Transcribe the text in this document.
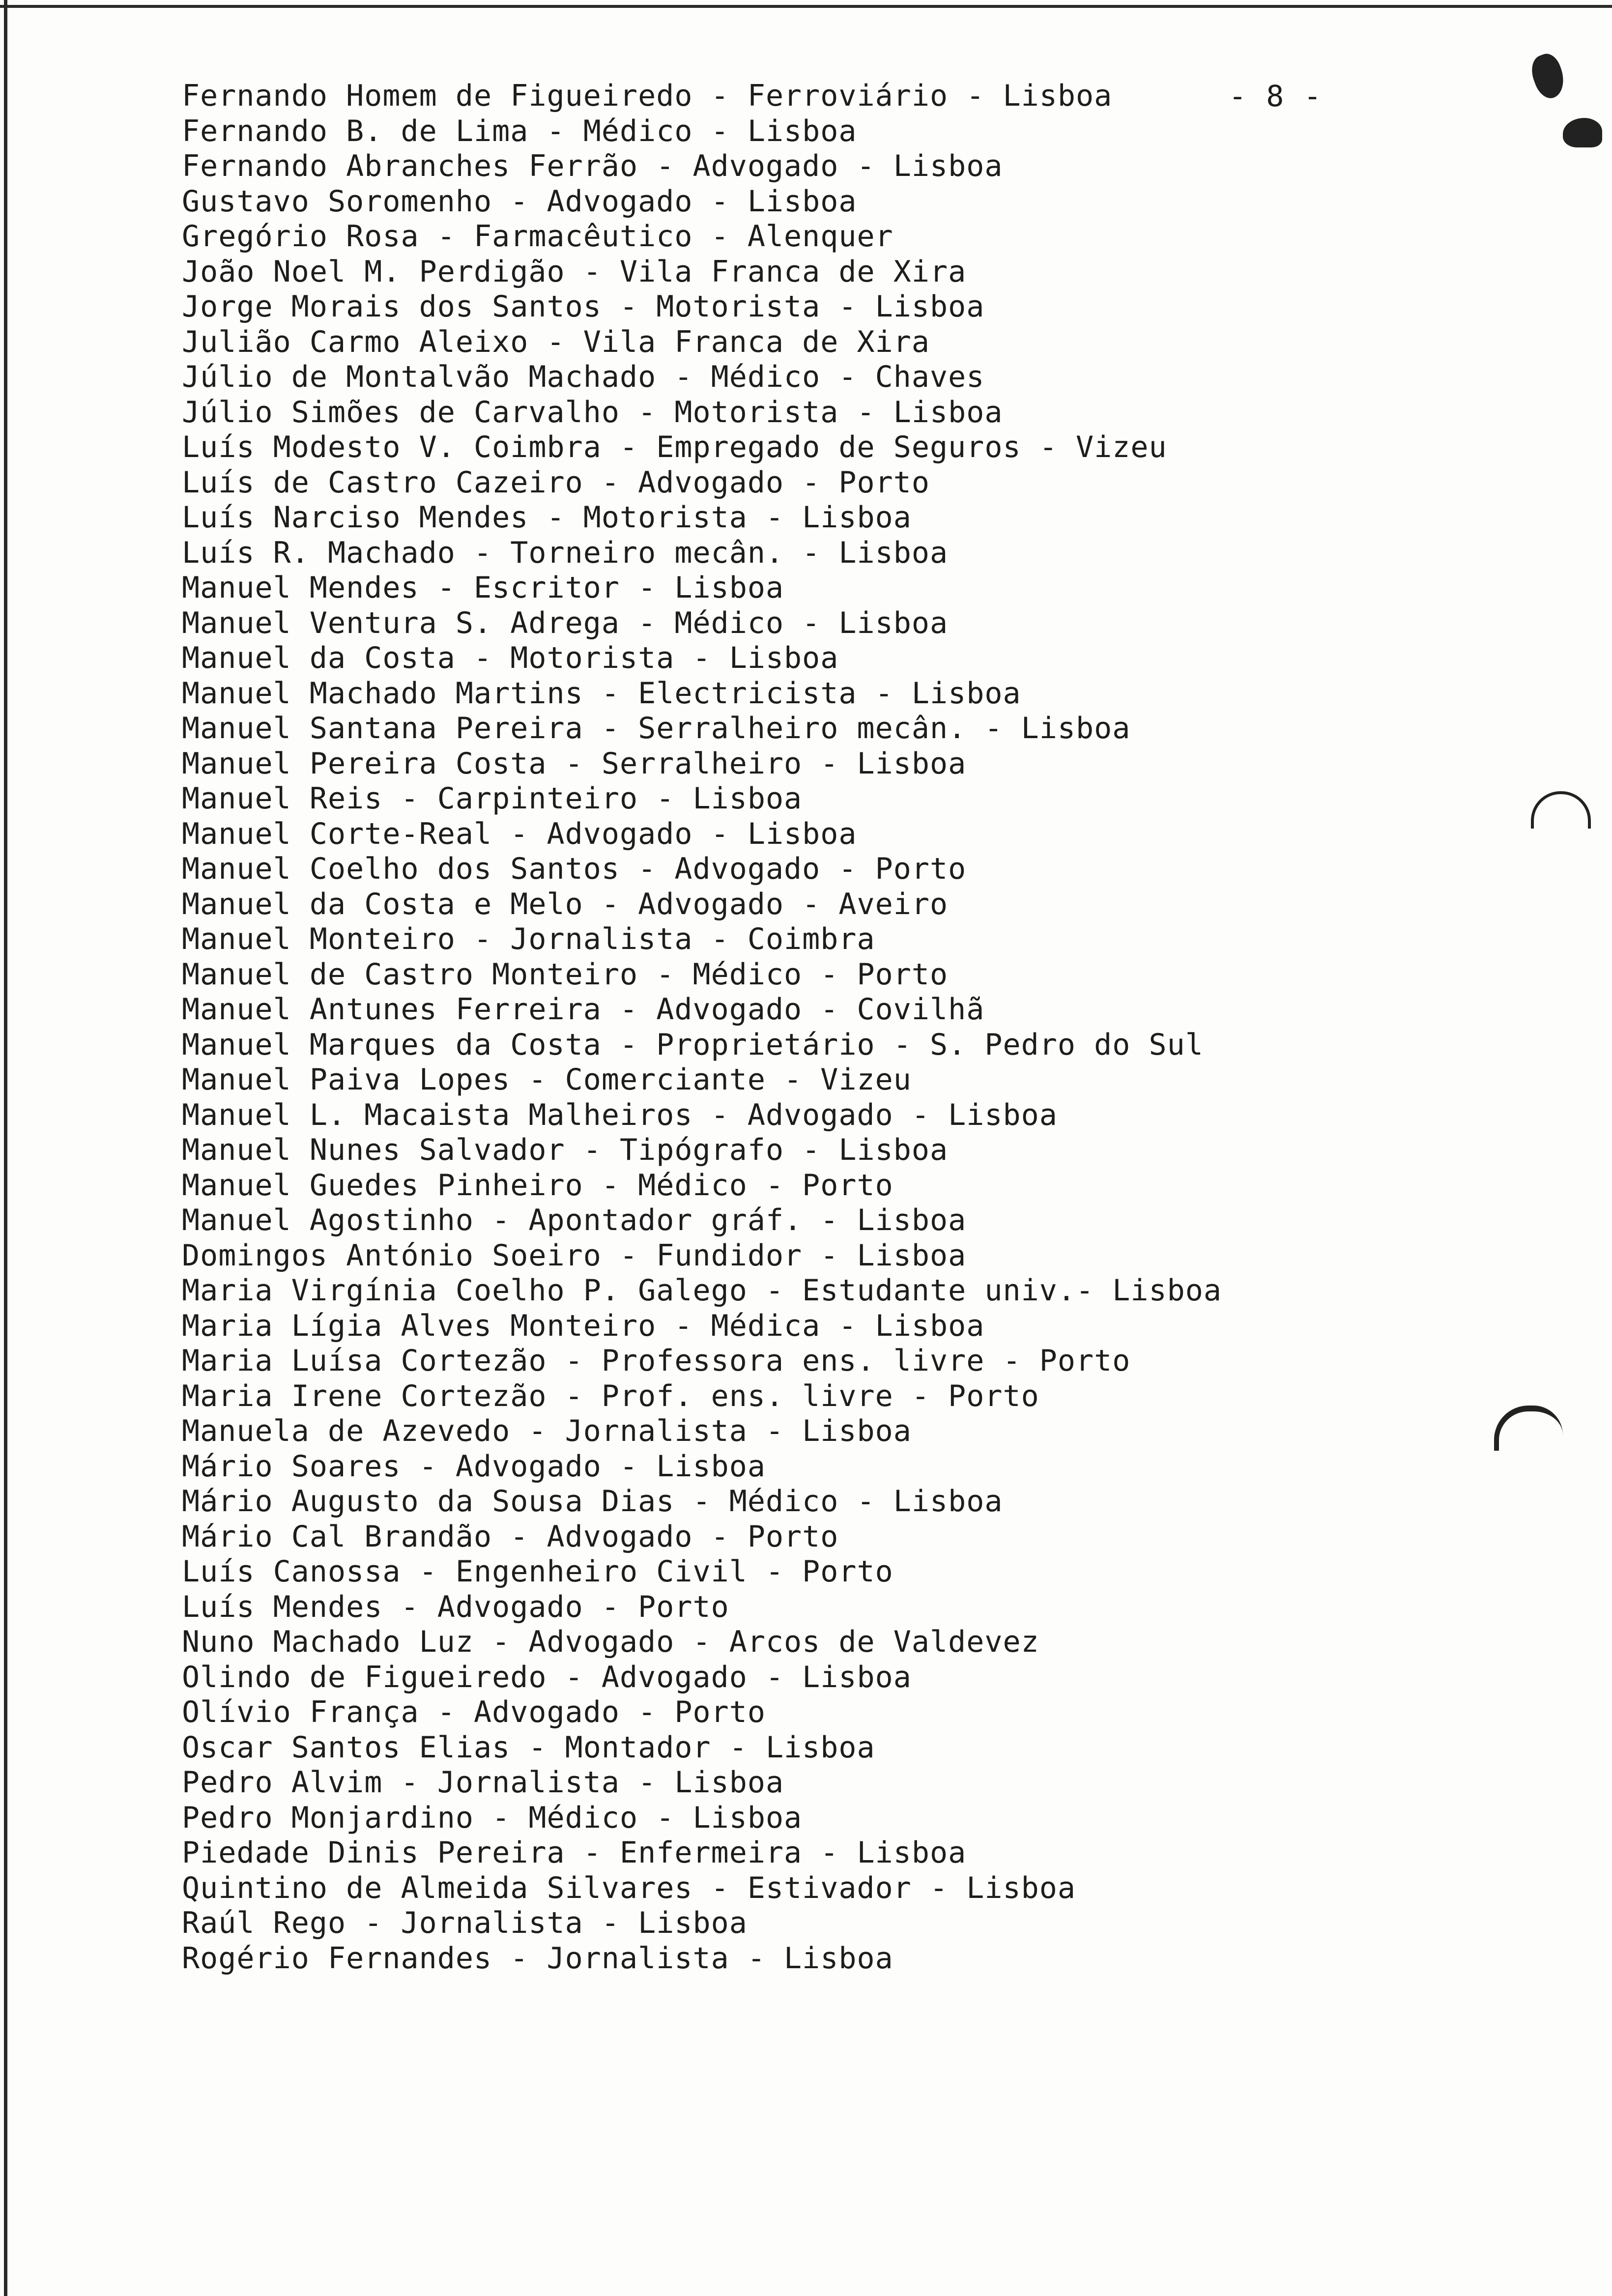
- 8 -
Fernando Homem de Figueiredo - Ferroviário - Lisboa
Fernando B. de Lima - Médico - Lisboa
Fernando Abranches Ferrão - Advogado - Lisboa
Gustavo Soromenho - Advogado - Lisboa
Gregório Rosa - Farmacêutico - Alenquer
João Noel M. Perdigão - Vila Franca de Xira
Jorge Morais dos Santos - Motorista - Lisboa
Julião Carmo Aleixo - Vila Franca de Xira
Júlio de Montalvão Machado - Médico - Chaves
Júlio Simões de Carvalho - Motorista - Lisboa
Luís Modesto V. Coimbra - Empregado de Seguros - Vizeu
Luís de Castro Cazeiro - Advogado - Porto
Luís Narciso Mendes - Motorista - Lisboa
Luís R. Machado - Torneiro mecân. - Lisboa
Manuel Mendes - Escritor - Lisboa
Manuel Ventura S. Adrega - Médico - Lisboa
Manuel da Costa - Motorista - Lisboa
Manuel Machado Martins - Electricista - Lisboa
Manuel Santana Pereira - Serralheiro mecân. - Lisboa
Manuel Pereira Costa - Serralheiro - Lisboa
Manuel Reis - Carpinteiro - Lisboa
Manuel Corte-Real - Advogado - Lisboa
Manuel Coelho dos Santos - Advogado - Porto
Manuel da Costa e Melo - Advogado - Aveiro
Manuel Monteiro - Jornalista - Coimbra
Manuel de Castro Monteiro - Médico - Porto
Manuel Antunes Ferreira - Advogado - Covilhã
Manuel Marques da Costa - Proprietário - S. Pedro do Sul
Manuel Paiva Lopes - Comerciante - Vizeu
Manuel L. Macaista Malheiros - Advogado - Lisboa
Manuel Nunes Salvador - Tipógrafo - Lisboa
Manuel Guedes Pinheiro - Médico - Porto
Manuel Agostinho - Apontador gráf. - Lisboa
Domingos António Soeiro - Fundidor - Lisboa
Maria Virgínia Coelho P. Galego - Estudante univ.- Lisboa
Maria Lígia Alves Monteiro - Médica - Lisboa
Maria Luísa Cortezão - Professora ens. livre - Porto
Maria Irene Cortezão - Prof. ens. livre - Porto
Manuela de Azevedo - Jornalista - Lisboa
Mário Soares - Advogado - Lisboa
Mário Augusto da Sousa Dias - Médico - Lisboa
Mário Cal Brandão - Advogado - Porto
Luís Canossa - Engenheiro Civil - Porto
Luís Mendes - Advogado - Porto
Nuno Machado Luz - Advogado - Arcos de Valdevez
Olindo de Figueiredo - Advogado - Lisboa
Olívio França - Advogado - Porto
Oscar Santos Elias - Montador - Lisboa
Pedro Alvim - Jornalista - Lisboa
Pedro Monjardino - Médico - Lisboa
Piedade Dinis Pereira - Enfermeira - Lisboa
Quintino de Almeida Silvares - Estivador - Lisboa
Raúl Rego - Jornalista - Lisboa
Rogério Fernandes - Jornalista - Lisboa
